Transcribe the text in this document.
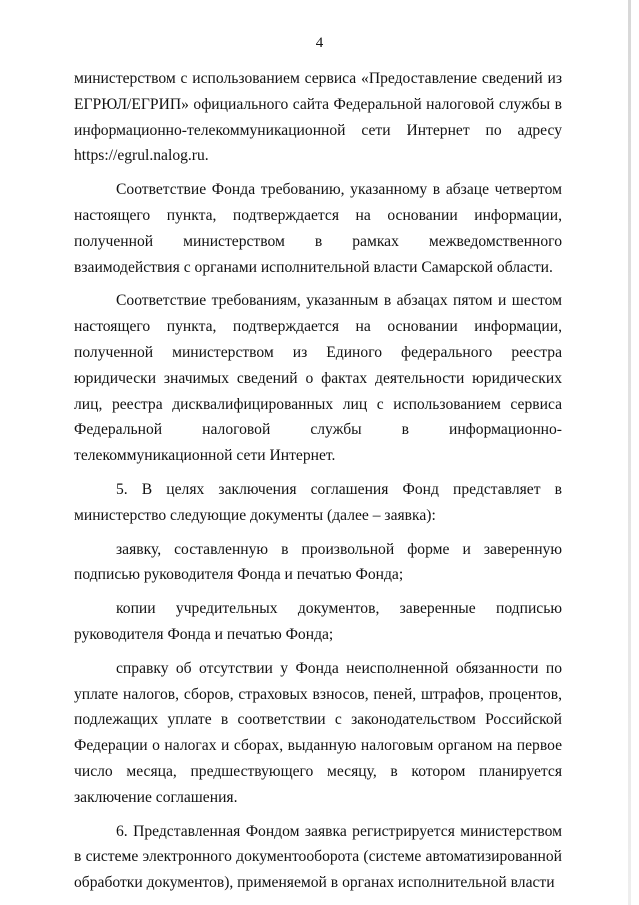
4

министерством с использованием сервиса «Предоставление сведений из ЕГРЮЛ/ЕГРИП» официального сайта Федеральной налоговой службы в информационно-телекоммуникационной сети Интернет по адресу https://egrul.nalog.ru.

Соответствие Фонда требованию, указанному в абзаце четвертом настоящего пункта, подтверждается на основании информации, полученной министерством в рамках межведомственного взаимодействия с органами исполнительной власти Самарской области.

Соответствие требованиям, указанным в абзацах пятом и шестом настоящего пункта, подтверждается на основании информации, полученной министерством из Единого федерального реестра юридически значимых сведений о фактах деятельности юридических лиц, реестра дисквалифицированных лиц с использованием сервиса Федеральной налоговой службы в информационно-телекоммуникационной сети Интернет.

5. В целях заключения соглашения Фонд представляет в министерство следующие документы (далее – заявка):

заявку, составленную в произвольной форме и заверенную подписью руководителя Фонда и печатью Фонда;

копии учредительных документов, заверенные подписью руководителя Фонда и печатью Фонда;

справку об отсутствии у Фонда неисполненной обязанности по уплате налогов, сборов, страховых взносов, пеней, штрафов, процентов, подлежащих уплате в соответствии с законодательством Российской Федерации о налогах и сборах, выданную налоговым органом на первое число месяца, предшествующего месяцу, в котором планируется заключение соглашения.

6. Представленная Фондом заявка регистрируется министерством в системе электронного документооборота (системе автоматизированной обработки документов), применяемой в органах исполнительной власти
